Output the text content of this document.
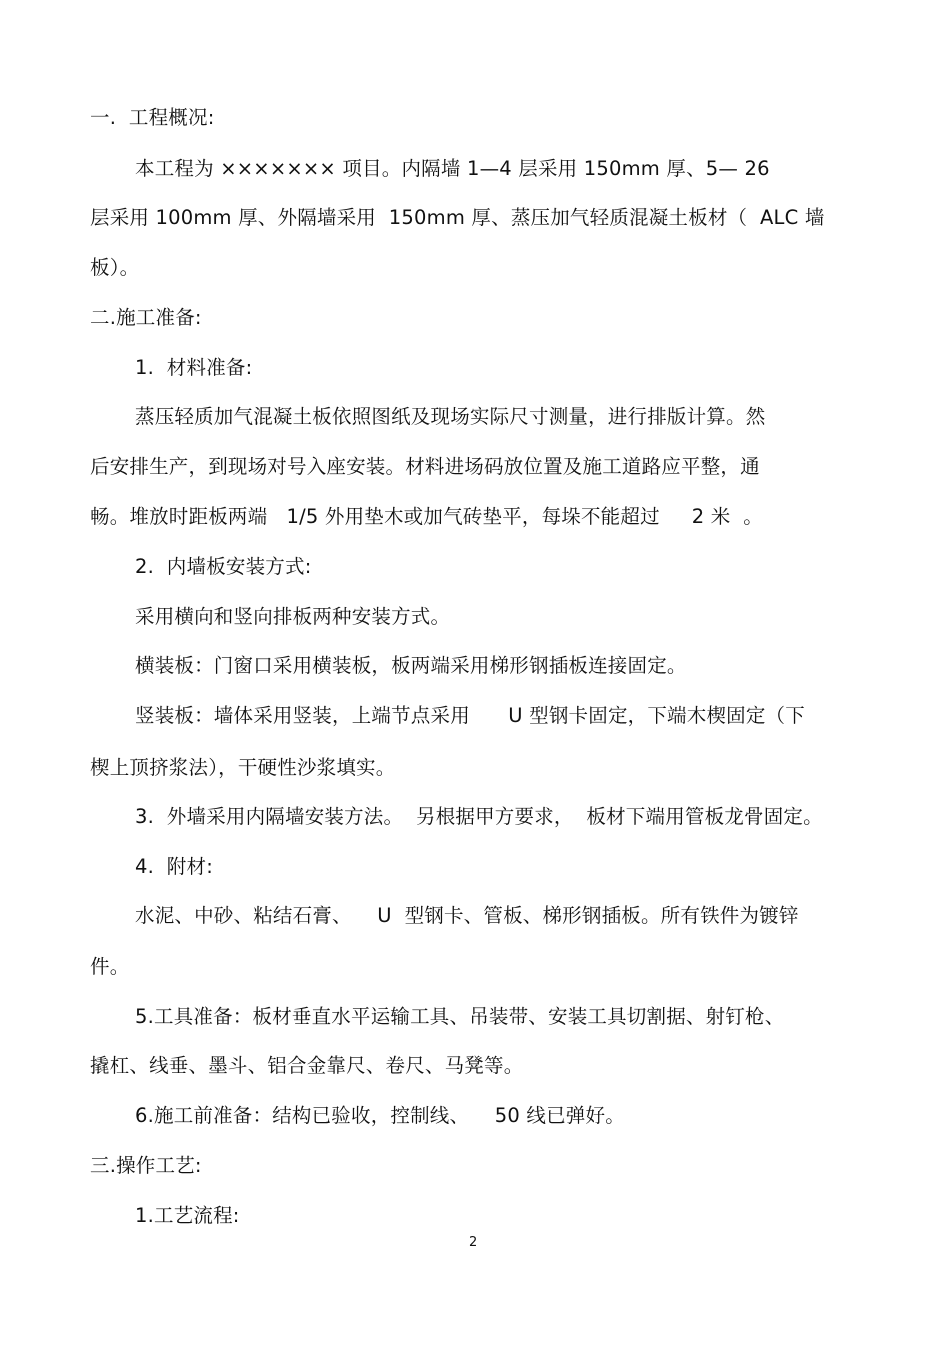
一.  工程概况:
本工程为 ××××××× 项目。内隔墙 1—4 层采用 150mm 厚、5— 26
层采用 100mm 厚、外隔墙采用  150mm 厚、蒸压加气轻质混凝土板材（  ALC 墙
板）。
二.施工准备:
1.  材料准备:
蒸压轻质加气混凝土板依照图纸及现场实际尺寸测量，进行排版计算。然
后安排生产，到现场对号入座安装。材料进场码放位置及施工道路应平整，通
畅。堆放时距板两端   1/5 外用垫木或加气砖垫平，每垛不能超过     2 米  。
2.  内墙板安装方式:
采用横向和竖向排板两种安装方式。
横装板：门窗口采用横装板，板两端采用梯形钢插板连接固定。
竖装板：墙体采用竖装，上端节点采用      U 型钢卡固定，下端木楔固定（下
楔上顶挤浆法），干硬性沙浆填实。
3.  外墙采用内隔墙安装方法。  另根据甲方要求，  板材下端用管板龙骨固定。
4.  附材:
水泥、中砂、粘结石膏、    U  型钢卡、管板、梯形钢插板。所有铁件为镀锌
件。
5.工具准备：板材垂直水平运输工具、吊装带、安装工具切割据、射钉枪、
撬杠、线垂、墨斗、铝合金靠尺、卷尺、马凳等。
6.施工前准备：结构已验收，控制线、    50 线已弹好。
三.操作工艺:
1.工艺流程:
2
